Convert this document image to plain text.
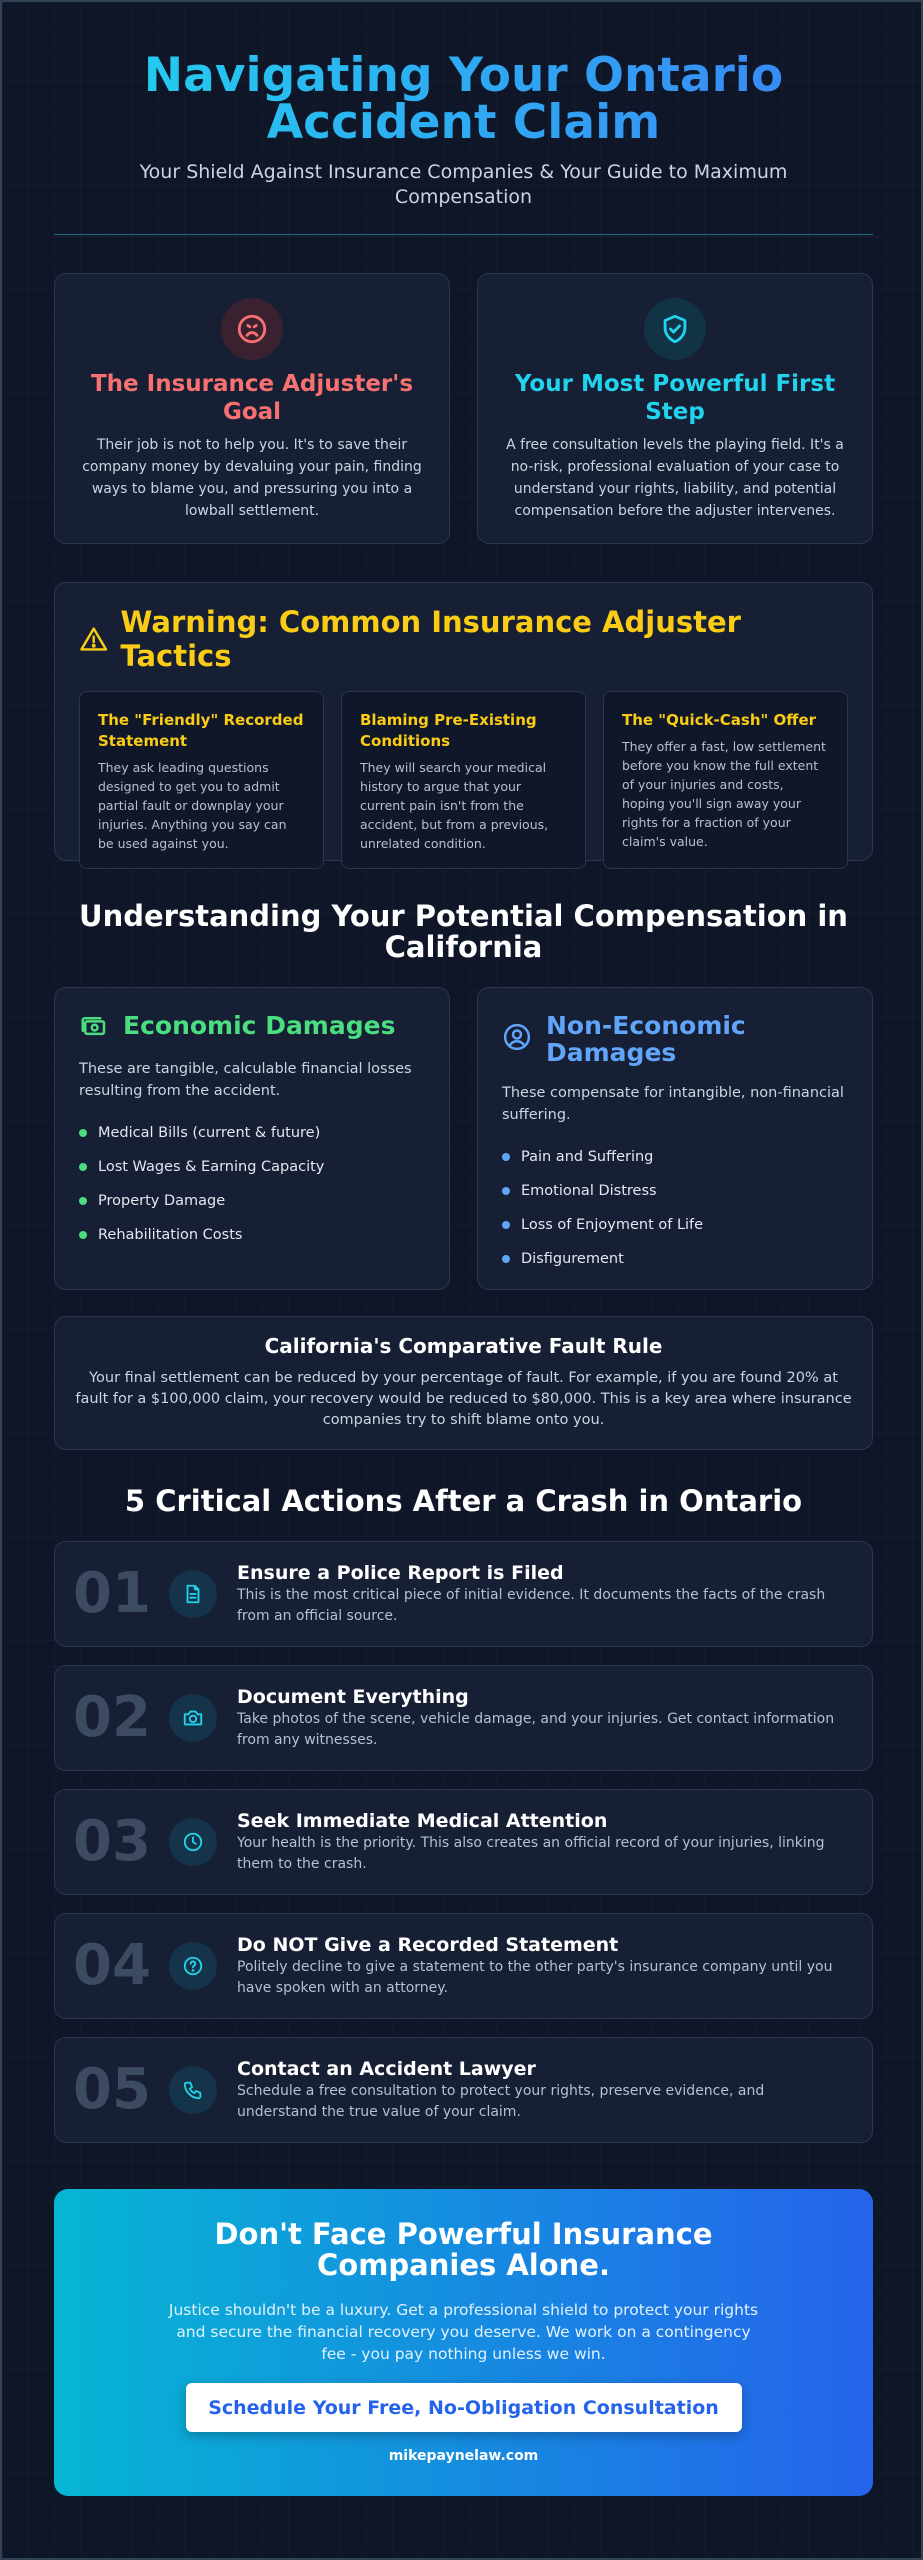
Navigating Your Ontario Accident Claim

Your Shield Against Insurance Companies & Your Guide to Maximum Compensation

The Insurance Adjuster's Goal

Their job is not to help you. It's to save their company money by devaluing your pain, finding ways to blame you, and pressuring you into a lowball settlement.

Your Most Powerful First Step

A free consultation levels the playing field. It's a no-risk, professional evaluation of your case to understand your rights, liability, and potential compensation before the adjuster intervenes.

Warning: Common Insurance Adjuster Tactics
The "Friendly" Recorded Statement

They ask leading questions designed to get you to admit partial fault or downplay your injuries. Anything you say can be used against you.

Blaming Pre-Existing Conditions

They will search your medical history to argue that your current pain isn't from the accident, but from a previous, unrelated condition.

The "Quick-Cash" Offer

They offer a fast, low settlement before you know the full extent of your injuries and costs, hoping you'll sign away your rights for a fraction of your claim's value.

Understanding Your Potential Compensation in California
Economic Damages

These are tangible, calculable financial losses resulting from the accident.

Medical Bills (current & future)
Lost Wages & Earning Capacity
Property Damage
Rehabilitation Costs
Non-Economic Damages

These compensate for intangible, non-financial suffering.

Pain and Suffering
Emotional Distress
Loss of Enjoyment of Life
Disfigurement
California's Comparative Fault Rule

Your final settlement can be reduced by your percentage of fault. For example, if you are found 20% at fault for a $100,000 claim, your recovery would be reduced to $80,000. This is a key area where insurance companies try to shift blame onto you.

5 Critical Actions After a Crash in Ontario
01	Ensure a Police Report is Filed

This is the most critical piece of initial evidence. It documents the facts of the crash from an official source.

02	Document Everything

Take photos of the scene, vehicle damage, and your injuries. Get contact information from any witnesses.

03	Seek Immediate Medical Attention

Your health is the priority. This also creates an official record of your injuries, linking them to the crash.

04	Do NOT Give a Recorded Statement

Politely decline to give a statement to the other party's insurance company until you have spoken with an attorney.

05	Contact an Accident Lawyer

Schedule a free consultation to protect your rights, preserve evidence, and understand the true value of your claim.

Don't Face Powerful Insurance Companies Alone.

Justice shouldn't be a luxury. Get a professional shield to protect your rights and secure the financial recovery you deserve. We work on a contingency fee - you pay nothing unless we win.

Schedule Your Free, No-Obligation Consultation
mikepaynelaw.com
